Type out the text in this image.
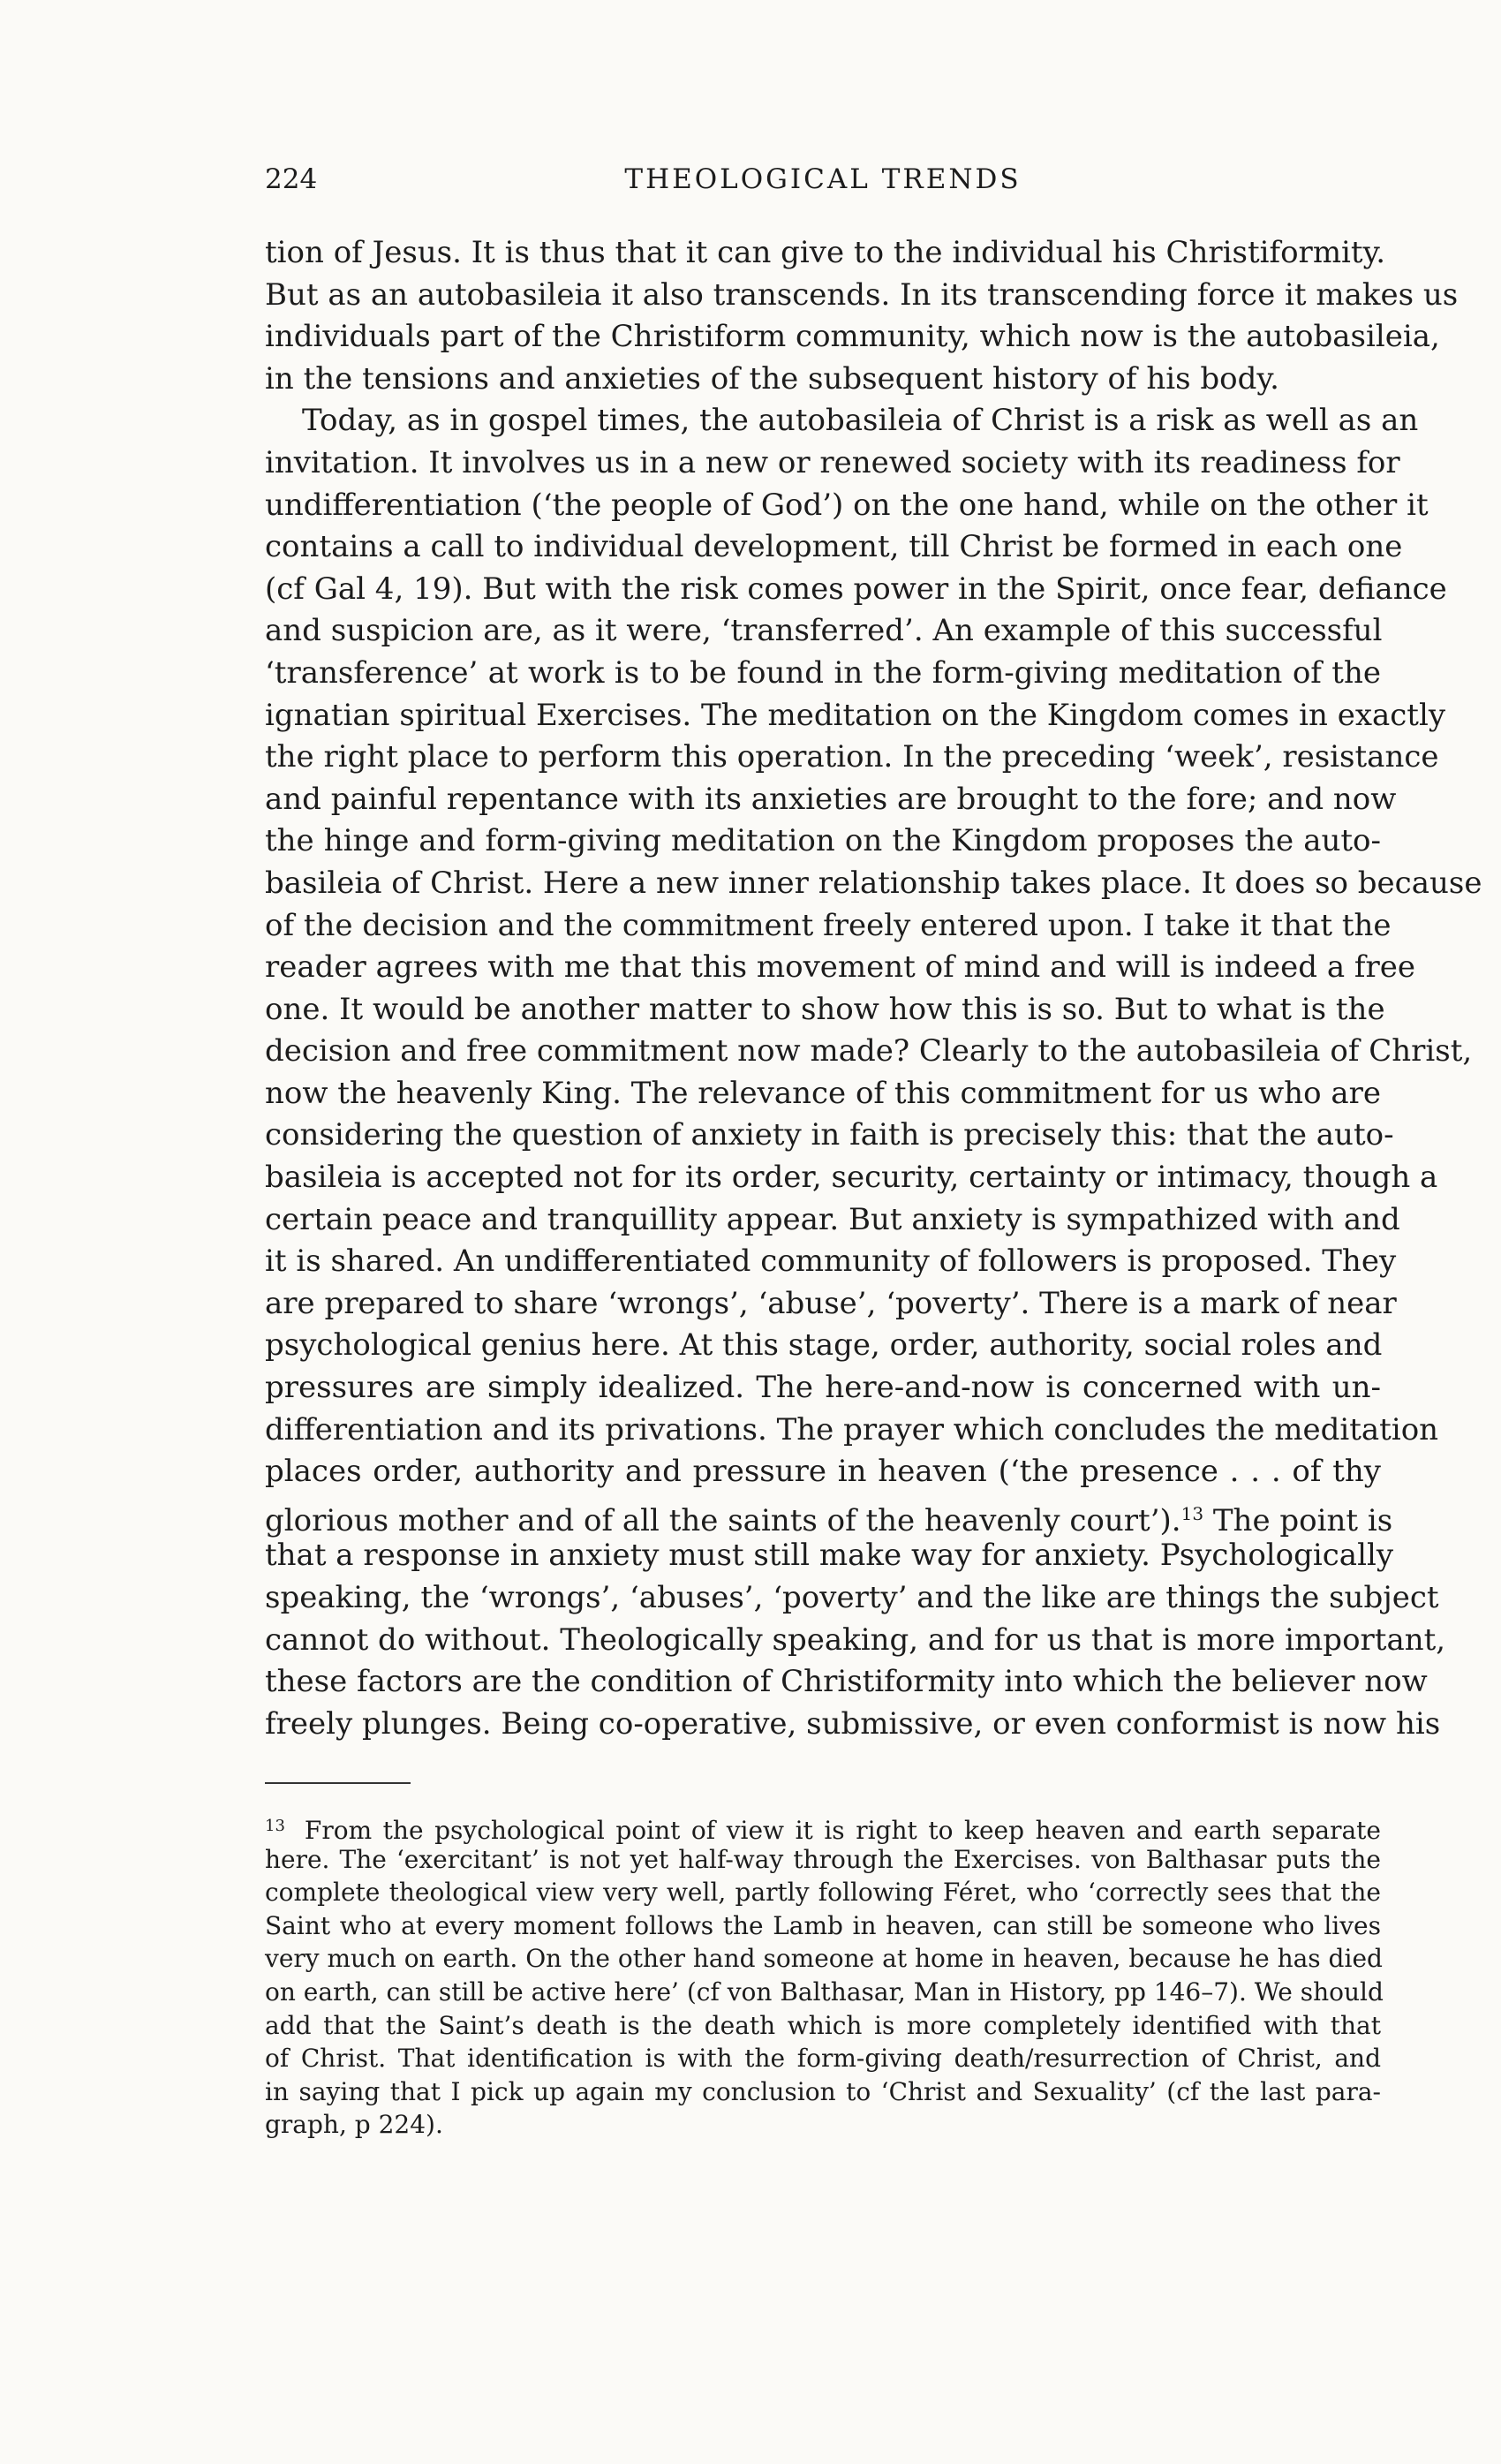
224	THEOLOGICAL TRENDS
tion of Jesus. It is thus that it can give to the individual his Christiformity.
But as an autobasileia it also transcends. In its transcending force it makes us
individuals part of the Christiform community, which now is the autobasileia,
in the tensions and anxieties of the subsequent history of his body.
Today, as in gospel times, the autobasileia of Christ is a risk as well as an
invitation. It involves us in a new or renewed society with its readiness for
undifferentiation (‘the people of God’) on the one hand, while on the other it
contains a call to individual development, till Christ be formed in each one
(cf Gal 4, 19). But with the risk comes power in the Spirit, once fear, defiance
and suspicion are, as it were, ‘transferred’. An example of this successful
‘transference’ at work is to be found in the form-giving meditation of the
ignatian spiritual Exercises. The meditation on the Kingdom comes in exactly
the right place to perform this operation. In the preceding ‘week’, resistance
and painful repentance with its anxieties are brought to the fore; and now
the hinge and form-giving meditation on the Kingdom proposes the auto-
basileia of Christ. Here a new inner relationship takes place. It does so because
of the decision and the commitment freely entered upon. I take it that the
reader agrees with me that this movement of mind and will is indeed a free
one. It would be another matter to show how this is so. But to what is the
decision and free commitment now made? Clearly to the autobasileia of Christ,
now the heavenly King. The relevance of this commitment for us who are
considering the question of anxiety in faith is precisely this: that the auto-
basileia is accepted not for its order, security, certainty or intimacy, though a
certain peace and tranquillity appear. But anxiety is sympathized with and
it is shared. An undifferentiated community of followers is proposed. They
are prepared to share ‘wrongs’, ‘abuse’, ‘poverty’. There is a mark of near
psychological genius here. At this stage, order, authority, social roles and
pressures are simply idealized. The here-and-now is concerned with un-
differentiation and its privations. The prayer which concludes the meditation
places order, authority and pressure in heaven (‘the presence . . . of thy
glorious mother and of all the saints of the heavenly court’).$^{13}$ The point is
that a response in anxiety must still make way for anxiety. Psychologically
speaking, the ‘wrongs’, ‘abuses’, ‘poverty’ and the like are things the subject
cannot do without. Theologically speaking, and for us that is more important,
these factors are the condition of Christiformity into which the believer now
freely plunges. Being co-operative, submissive, or even conformist is now his
$^{13}$ From the psychological point of view it is right to keep heaven and earth separate
here. The ‘exercitant’ is not yet half-way through the Exercises. von Balthasar puts the
complete theological view very well, partly following Féret, who ‘correctly sees that the
Saint who at every moment follows the Lamb in heaven, can still be someone who lives
very much on earth. On the other hand someone at home in heaven, because he has died
on earth, can still be active here’ (cf von Balthasar, Man in History, pp 146–7). We should
add that the Saint’s death is the death which is more completely identified with that
of Christ. That identification is with the form-giving death/resurrection of Christ, and
in saying that I pick up again my conclusion to ‘Christ and Sexuality’ (cf the last para-
graph, p 224).
